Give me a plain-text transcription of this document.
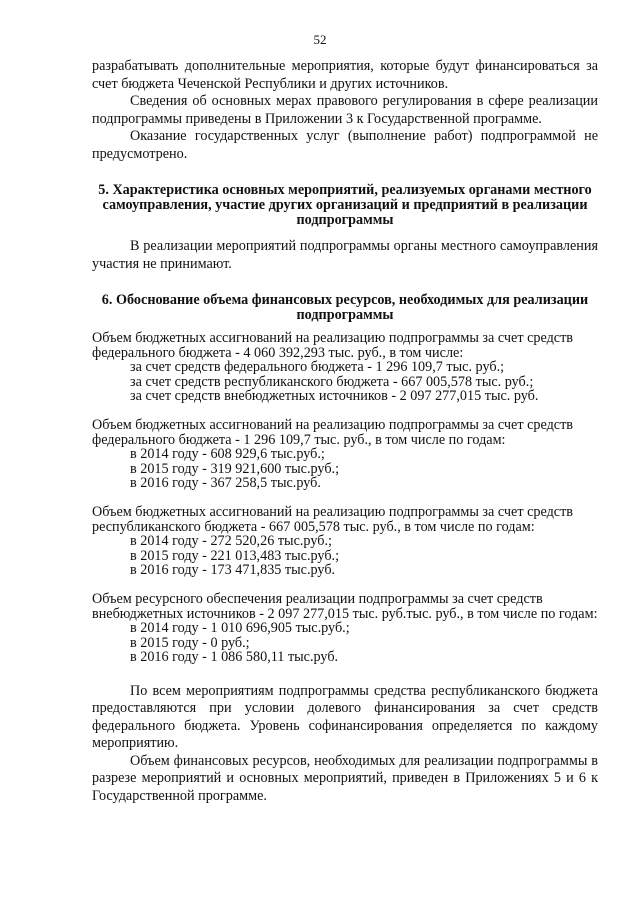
52

разрабатывать дополнительные мероприятия, которые будут финансироваться за счет бюджета Чеченской Республики и других источников.

Сведения об основных мерах правового регулирования в сфере реализации подпрограммы приведены в Приложении 3 к Государственной программе.

Оказание государственных услуг (выполнение работ) подпрограммой не предусмотрено.

5. Характеристика основных мероприятий, реализуемых органами местного самоуправления, участие других организаций и предприятий в реализации подпрограммы

В реализации мероприятий подпрограммы органы местного самоуправления участия не принимают.

6. Обоснование объема финансовых ресурсов, необходимых для реализации подпрограммы

Объем бюджетных ассигнований на реализацию подпрограммы за счет средств федерального бюджета - 4 060 392,293 тыс. руб., в том числе:

за счет средств федерального бюджета - 1 296 109,7 тыс. руб.;

за счет средств республиканского бюджета - 667 005,578 тыс. руб.;

за счет средств внебюджетных источников - 2 097 277,015 тыс. руб.

Объем бюджетных ассигнований на реализацию подпрограммы за счет средств федерального бюджета - 1 296 109,7 тыс. руб., в том числе по годам:

в 2014 году - 608 929,6 тыс.руб.;

в 2015 году - 319 921,600 тыс.руб.;

в 2016 году - 367 258,5 тыс.руб.

Объем бюджетных ассигнований на реализацию подпрограммы за счет средств республиканского бюджета - 667 005,578 тыс. руб., в том числе по годам:

в 2014 году - 272 520,26 тыс.руб.;

в 2015 году - 221 013,483 тыс.руб.;

в 2016 году - 173 471,835 тыс.руб.

Объем ресурсного обеспечения реализации подпрограммы за счет средств внебюджетных источников - 2 097 277,015 тыс. руб.тыс. руб., в том числе по годам:

в 2014 году - 1 010 696,905 тыс.руб.;

в 2015 году - 0 руб.;

в 2016 году - 1 086 580,11 тыс.руб.

По всем мероприятиям подпрограммы средства республиканского бюджета предоставляются при условии долевого финансирования за счет средств федерального бюджета. Уровень софинансирования определяется по каждому мероприятию.

Объем финансовых ресурсов, необходимых для реализации подпрограммы в разрезе мероприятий и основных мероприятий, приведен в Приложениях 5 и 6 к Государственной программе.
